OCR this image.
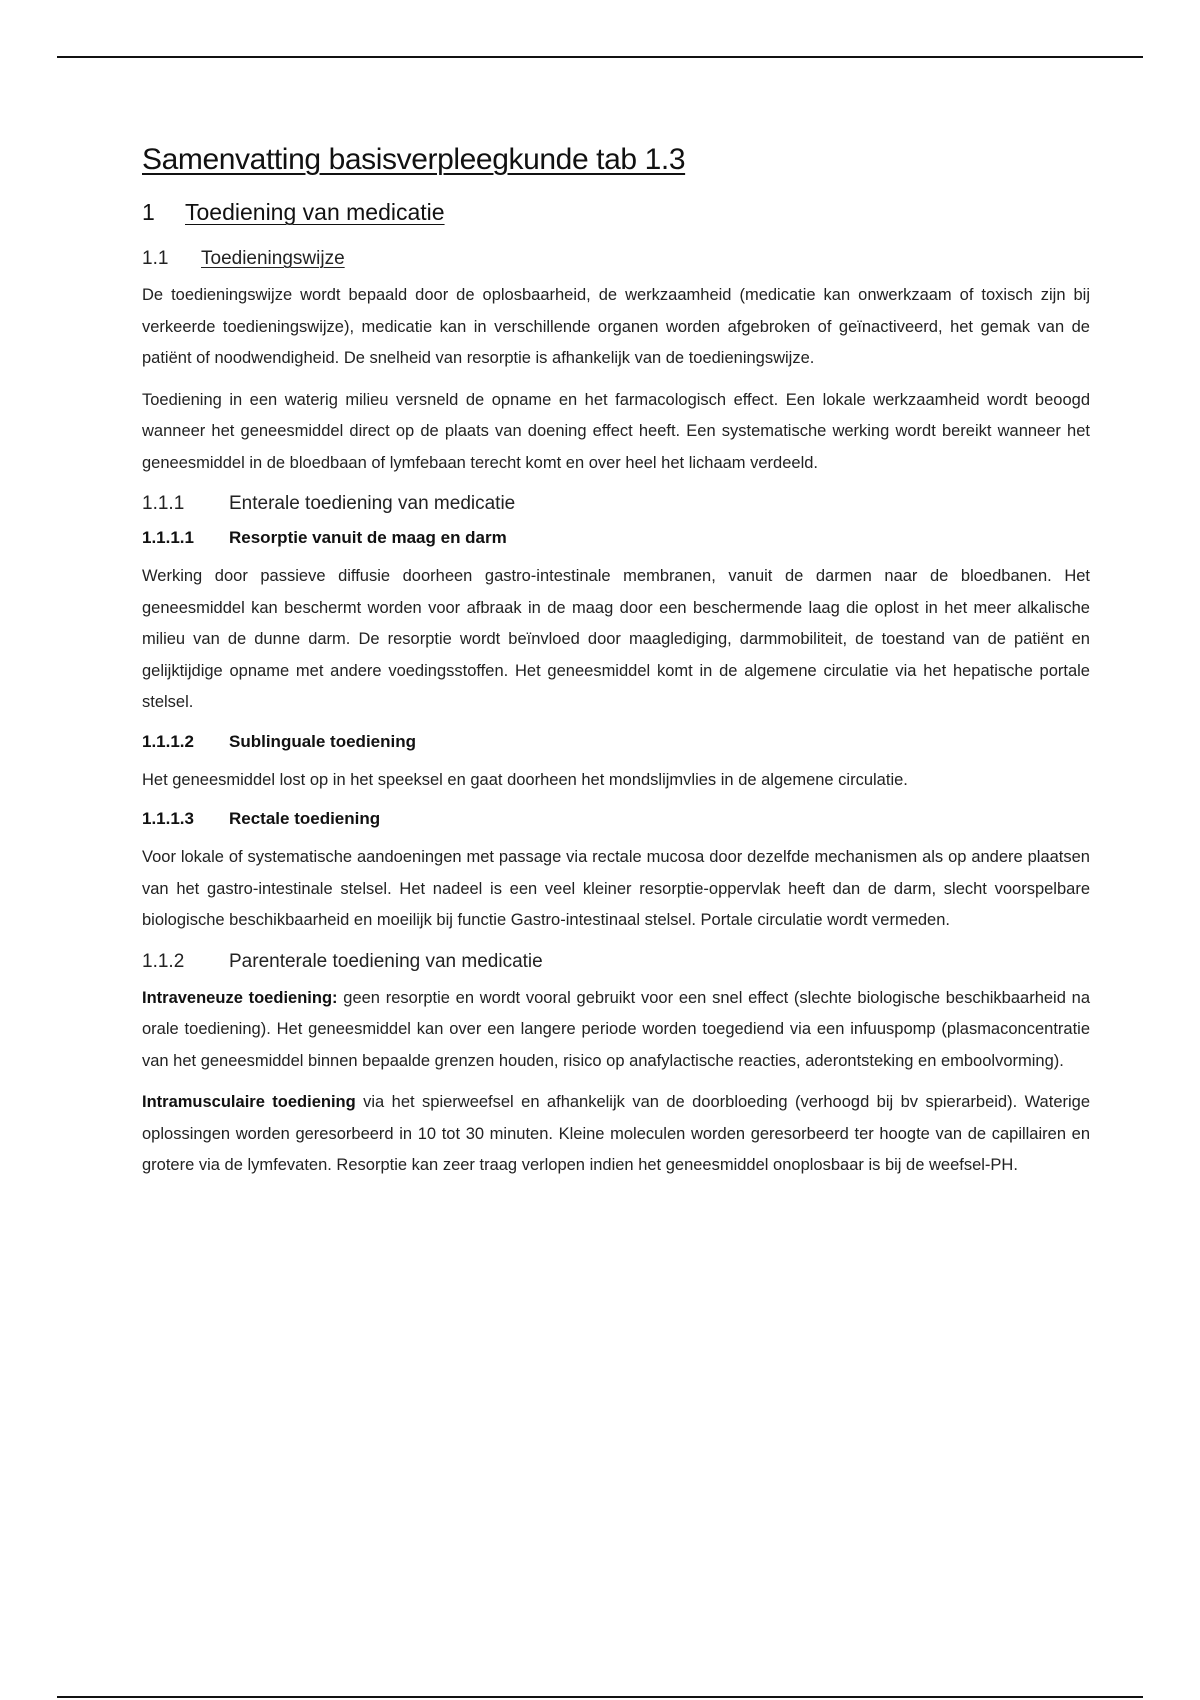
Samenvatting basisverpleegkunde tab 1.3
1	Toediening van medicatie
1.1	Toedieningswijze

De toedieningswijze wordt bepaald door de oplosbaarheid, de werkzaamheid (medicatie kan onwerkzaam of toxisch zijn bij verkeerde toedieningswijze), medicatie kan in verschillende organen worden afgebroken of geïnactiveerd, het gemak van de patiënt of noodwendigheid. De snelheid van resorptie is afhankelijk van de toedieningswijze.

Toediening in een waterig milieu versneld de opname en het farmacologisch effect. Een lokale werkzaamheid wordt beoogd wanneer het geneesmiddel direct op de plaats van doening effect heeft. Een systematische werking wordt bereikt wanneer het geneesmiddel in de bloedbaan of lymfebaan terecht komt en over heel het lichaam verdeeld.

1.1.1	Enterale toediening van medicatie
1.1.1.1	Resorptie vanuit de maag en darm

Werking door passieve diffusie doorheen gastro-intestinale membranen, vanuit de darmen naar de bloedbanen. Het geneesmiddel kan beschermt worden voor afbraak in de maag door een beschermende laag die oplost in het meer alkalische milieu van de dunne darm. De resorptie wordt beïnvloed door maaglediging, darmmobiliteit, de toestand van de patiënt en gelijktijdige opname met andere voedingsstoffen. Het geneesmiddel komt in de algemene circulatie via het hepatische portale stelsel.

1.1.1.2	Sublinguale toediening

Het geneesmiddel lost op in het speeksel en gaat doorheen het mondslijmvlies in de algemene circulatie.

1.1.1.3	Rectale toediening

Voor lokale of systematische aandoeningen met passage via rectale mucosa door dezelfde mechanismen als op andere plaatsen van het gastro-intestinale stelsel. Het nadeel is een veel kleiner resorptie-oppervlak heeft dan de darm, slecht voorspelbare biologische beschikbaarheid en moeilijk bij functie Gastro-intestinaal stelsel. Portale circulatie wordt vermeden.

1.1.2	Parenterale toediening van medicatie

Intraveneuze toediening: geen resorptie en wordt vooral gebruikt voor een snel effect (slechte biologische beschikbaarheid na orale toediening). Het geneesmiddel kan over een langere periode worden toegediend via een infuuspomp (plasmaconcentratie van het geneesmiddel binnen bepaalde grenzen houden, risico op anafylactische reacties, aderontsteking en emboolvorming).

Intramusculaire toediening via het spierweefsel en afhankelijk van de doorbloeding (verhoogd bij bv spierarbeid). Waterige oplossingen worden geresorbeerd in 10 tot 30 minuten. Kleine moleculen worden geresorbeerd ter hoogte van de capillairen en grotere via de lymfevaten. Resorptie kan zeer traag verlopen indien het geneesmiddel onoplosbaar is bij de weefsel-PH.
